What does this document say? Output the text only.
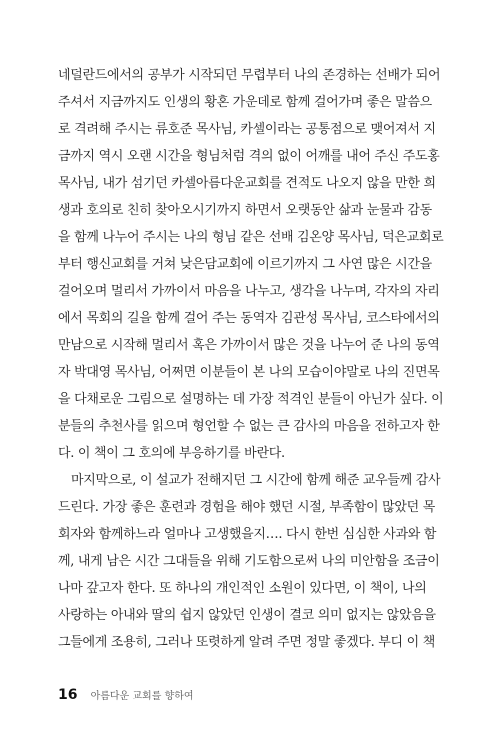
네덜란드에서의 공부가 시작되던 무렵부터 나의 존경하는 선배가 되어
주셔서 지금까지도 인생의 황혼 가운데로 함께 걸어가며 좋은 말씀으
로 격려해 주시는 류호준 목사님, 카셀이라는 공통점으로 맺어져서 지
금까지 역시 오랜 시간을 형님처럼 격의 없이 어깨를 내어 주신 주도홍
목사님, 내가 섬기던 카셀아름다운교회를 견적도 나오지 않을 만한 희
생과 호의로 친히 찾아오시기까지 하면서 오랫동안 삶과 눈물과 감동
을 함께 나누어 주시는 나의 형님 같은 선배 김온양 목사님, 덕은교회로
부터 행신교회를 거쳐 낮은담교회에 이르기까지 그 사연 많은 시간을
걸어오며 멀리서 가까이서 마음을 나누고, 생각을 나누며, 각자의 자리
에서 목회의 길을 함께 걸어 주는 동역자 김관성 목사님, 코스타에서의
만남으로 시작해 멀리서 혹은 가까이서 많은 것을 나누어 준 나의 동역
자 박대영 목사님, 어쩌면 이분들이 본 나의 모습이야말로 나의 진면목
을 다채로운 그림으로 설명하는 데 가장 적격인 분들이 아닌가 싶다. 이
분들의 추천사를 읽으며 형언할 수 없는 큰 감사의 마음을 전하고자 한
다. 이 책이 그 호의에 부응하기를 바란다.
마지막으로, 이 설교가 전해지던 그 시간에 함께 해준 교우들께 감사
드린다. 가장 좋은 훈련과 경험을 해야 했던 시절, 부족함이 많았던 목
회자와 함께하느라 얼마나 고생했을지…. 다시 한번 심심한 사과와 함
께, 내게 남은 시간 그대들을 위해 기도함으로써 나의 미안함을 조금이
나마 갚고자 한다. 또 하나의 개인적인 소원이 있다면, 이 책이, 나의
사랑하는 아내와 딸의 쉽지 않았던 인생이 결코 의미 없지는 않았음을
그들에게 조용히, 그러나 또렷하게 알려 주면 정말 좋겠다. 부디 이 책
16 아름다운 교회를 향하여
